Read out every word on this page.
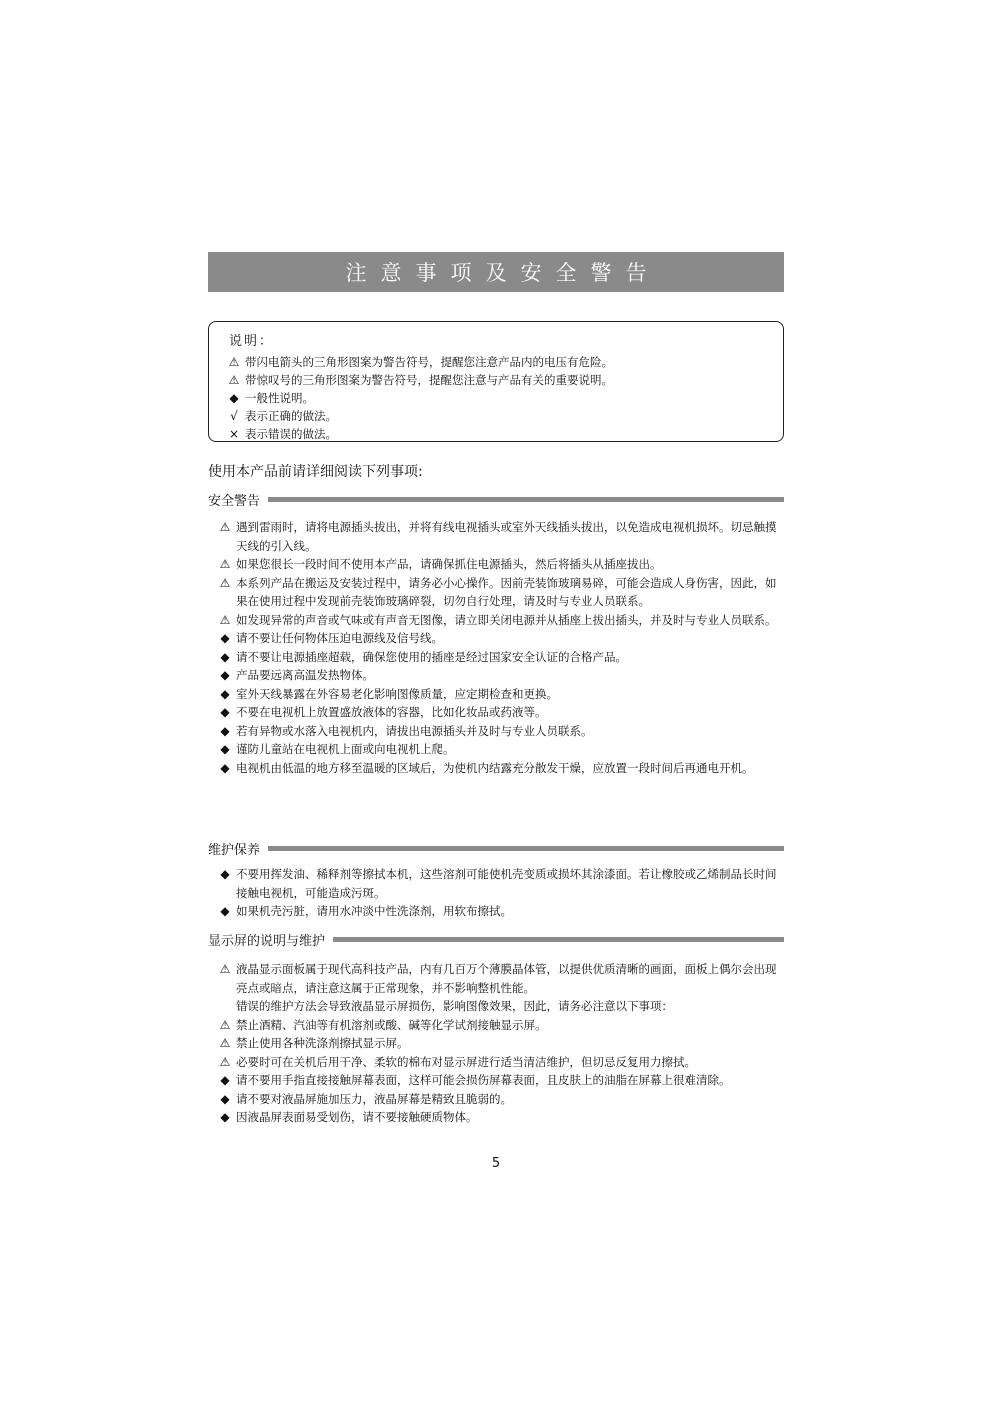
注意事项及安全警告
说明：
⚠ 带闪电箭头的三角形图案为警告符号，提醒您注意产品内的电压有危险。
⚠ 带惊叹号的三角形图案为警告符号，提醒您注意与产品有关的重要说明。
◆ 一般性说明。
√ 表示正确的做法。
× 表示错误的做法。
使用本产品前请详细阅读下列事项:
安全警告
⚠ 遇到雷雨时，请将电源插头拔出，并将有线电视插头或室外天线插头拔出，以免造成电视机损坏。切忌触摸天线的引入线。
⚠ 如果您很长一段时间不使用本产品，请确保抓住电源插头，然后将插头从插座拔出。
⚠ 本系列产品在搬运及安装过程中，请务必小心操作。因前壳装饰玻璃易碎，可能会造成人身伤害，因此，如果在使用过程中发现前壳装饰玻璃碎裂，切勿自行处理，请及时与专业人员联系。
⚠ 如发现异常的声音或气味或有声音无图像，请立即关闭电源并从插座上拔出插头，并及时与专业人员联系。
◆ 请不要让任何物体压迫电源线及信号线。
◆ 请不要让电源插座超载，确保您使用的插座是经过国家安全认证的合格产品。
◆ 产品要远离高温发热物体。
◆ 室外天线暴露在外容易老化影响图像质量，应定期检查和更换。
◆ 不要在电视机上放置盛放液体的容器，比如化妆品或药液等。
◆ 若有异物或水落入电视机内，请拔出电源插头并及时与专业人员联系。
◆ 谨防儿童站在电视机上面或向电视机上爬。
◆ 电视机由低温的地方移至温暖的区域后，为使机内结露充分散发干燥，应放置一段时间后再通电开机。
维护保养
◆ 不要用挥发油、稀释剂等擦拭本机，这些溶剂可能使机壳变质或损坏其涂漆面。若让橡胶或乙烯制品长时间接触电视机，可能造成污斑。
◆ 如果机壳污脏，请用水冲淡中性洗涤剂，用软布擦拭。
显示屏的说明与维护
⚠ 液晶显示面板属于现代高科技产品，内有几百万个薄膜晶体管，以提供优质清晰的画面，面板上偶尔会出现亮点或暗点，请注意这属于正常现象，并不影响整机性能。
错误的维护方法会导致液晶显示屏损伤，影响图像效果，因此，请务必注意以下事项：
⚠ 禁止酒精、汽油等有机溶剂或酸、碱等化学试剂接触显示屏。
⚠ 禁止使用各种洗涤剂擦拭显示屏。
⚠ 必要时可在关机后用干净、柔软的棉布对显示屏进行适当清洁维护，但切忌反复用力擦拭。
◆ 请不要用手指直接接触屏幕表面，这样可能会损伤屏幕表面，且皮肤上的油脂在屏幕上很难清除。
◆ 请不要对液晶屏施加压力，液晶屏幕是精致且脆弱的。
◆ 因液晶屏表面易受划伤，请不要接触硬质物体。
5
